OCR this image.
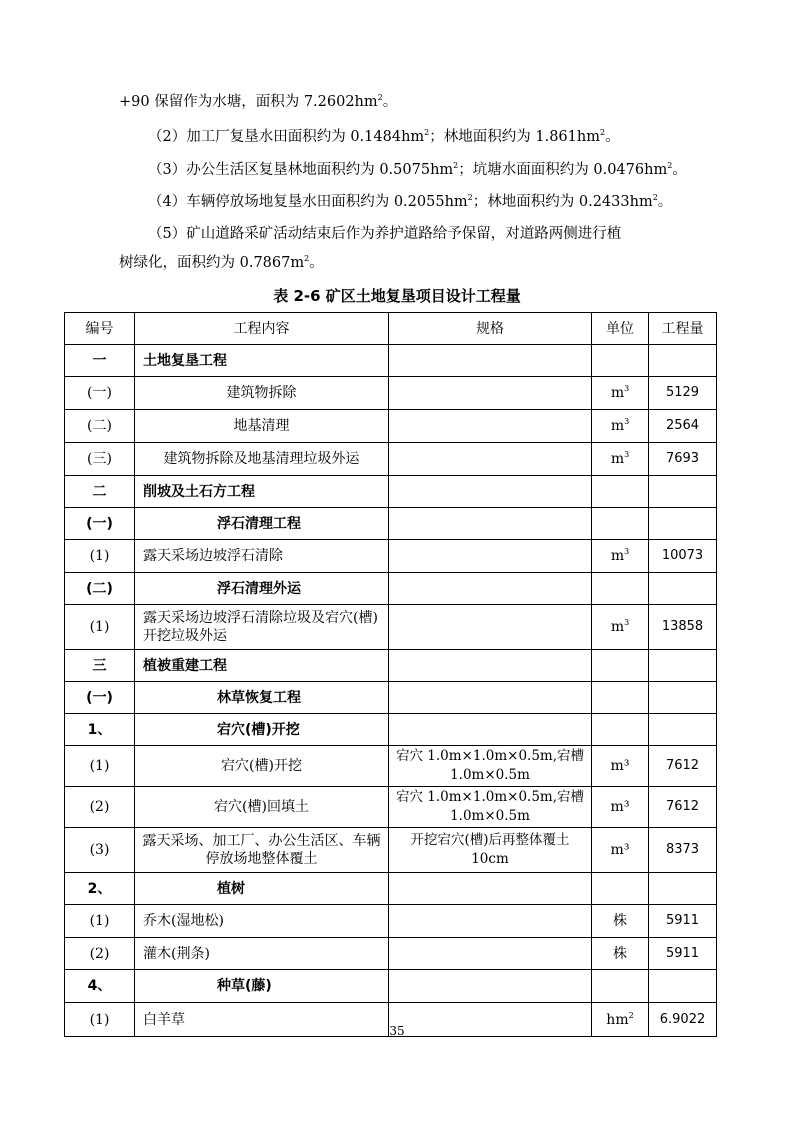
+90 保留作为水塘，面积为 $7.2602hm^2$。
（2）加工厂复垦水田面积约为 $0.1484hm^2$；林地面积约为 $1.861hm^2$。
（3）办公生活区复垦林地面积约为 $0.5075hm^2$；坑塘水面面积约为 $0.0476hm^2$。
（4）车辆停放场地复垦水田面积约为 $0.2055hm^2$；林地面积约为 $0.2433hm^2$。
（5）矿山道路采矿活动结束后作为养护道路给予保留，对道路两侧进行植
树绿化，面积约为 $0.7867m^2$。
表 2-6 矿区土地复垦项目设计工程量
编号	工程内容	规格	单位	工程量
一	土地复垦工程			
(一)	建筑物拆除		$m^3$	5129
(二)	地基清理		$m^3$	2564
(三)	建筑物拆除及地基清理垃圾外运		$m^3$	7693
二	削坡及土石方工程			
(一)	浮石清理工程			
(1)	露天采场边坡浮石清除		$m^3$	10073
(二)	浮石清理外运			
(1)	露天采场边坡浮石清除垃圾及宕穴(槽)开挖垃圾外运		$m^3$	13858
三	植被重建工程			
(一)	林草恢复工程			
1、	宕穴(槽)开挖			
(1)	宕穴(槽)开挖	宕穴 1.0m×1.0m×0.5m,宕槽 1.0m×0.5m	m³	7612
(2)	宕穴(槽)回填土	宕穴 1.0m×1.0m×0.5m,宕槽 1.0m×0.5m	m³	7612
(3)	露天采场、加工厂、办公生活区、车辆停放场地整体覆土	开挖宕穴(槽)后再整体覆土 10cm	m³	8373
2、	植树			
(1)	乔木(湿地松)		株	5911
(2)	灌木(荆条)		株	5911
4、	种草(藤)			
(1)	白羊草		$hm^2$	6.9022
35
